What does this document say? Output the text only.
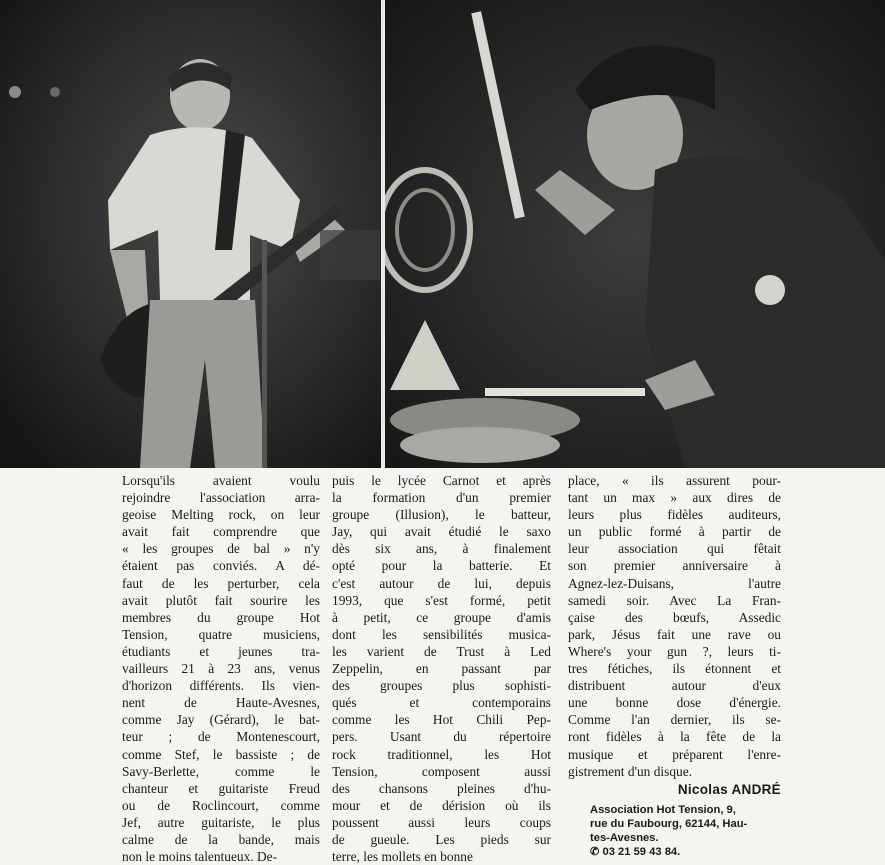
Lorsqu'ils avaient voulu
rejoindre l'association arra-
geoise Melting rock, on leur
avait fait comprendre que
« les groupes de bal » n'y
étaient pas conviés. A dé-
faut de les perturber, cela
avait plutôt fait sourire les
membres du groupe Hot
Tension, quatre musiciens,
étudiants et jeunes tra-
vailleurs 21 à 23 ans, venus
d'horizon différents. Ils vien-
nent de Haute-Avesnes,
comme Jay (Gérard), le bat-
teur ; de Montenescourt,
comme Stef, le bassiste ; de
Savy-Berlette, comme le
chanteur et guitariste Freud
ou de Roclincourt, comme
Jef, autre guitariste, le plus
calme de la bande, mais
non le moins talentueux. De-
puis le lycée Carnot et après
la formation d'un premier
groupe (Illusion), le batteur,
Jay, qui avait étudié le saxo
dès six ans, à finalement
opté pour la batterie. Et
c'est autour de lui, depuis
1993, que s'est formé, petit
à petit, ce groupe d'amis
dont les sensibilités musica-
les varient de Trust à Led
Zeppelin, en passant par
des groupes plus sophisti-
qués et contemporains
comme les Hot Chili Pep-
pers. Usant du répertoire
rock traditionnel, les Hot
Tension, composent aussi
des chansons pleines d'hu-
mour et de dérision où ils
poussent aussi leurs coups
de gueule. Les pieds sur
terre, les mollets en bonne
place, « ils assurent pour-
tant un max » aux dires de
leurs plus fidèles auditeurs,
un public formé à partir de
leur association qui fêtait
son premier anniversaire à
Agnez-lez-Duisans, l'autre
samedi soir. Avec La Fran-
çaise des bœufs, Assedic
park, Jésus fait une rave ou
Where's your gun ?, leurs ti-
tres fétiches, ils étonnent et
distribuent autour d'eux
une bonne dose d'énergie.
Comme l'an dernier, ils se-
ront fidèles à la fête de la
musique et préparent l'enre-
gistrement d'un disque.
Nicolas ANDRÉ
Association Hot Tension, 9,
rue du Faubourg, 62144, Hau-
tes-Avesnes.
✆ 03 21 59 43 84.
